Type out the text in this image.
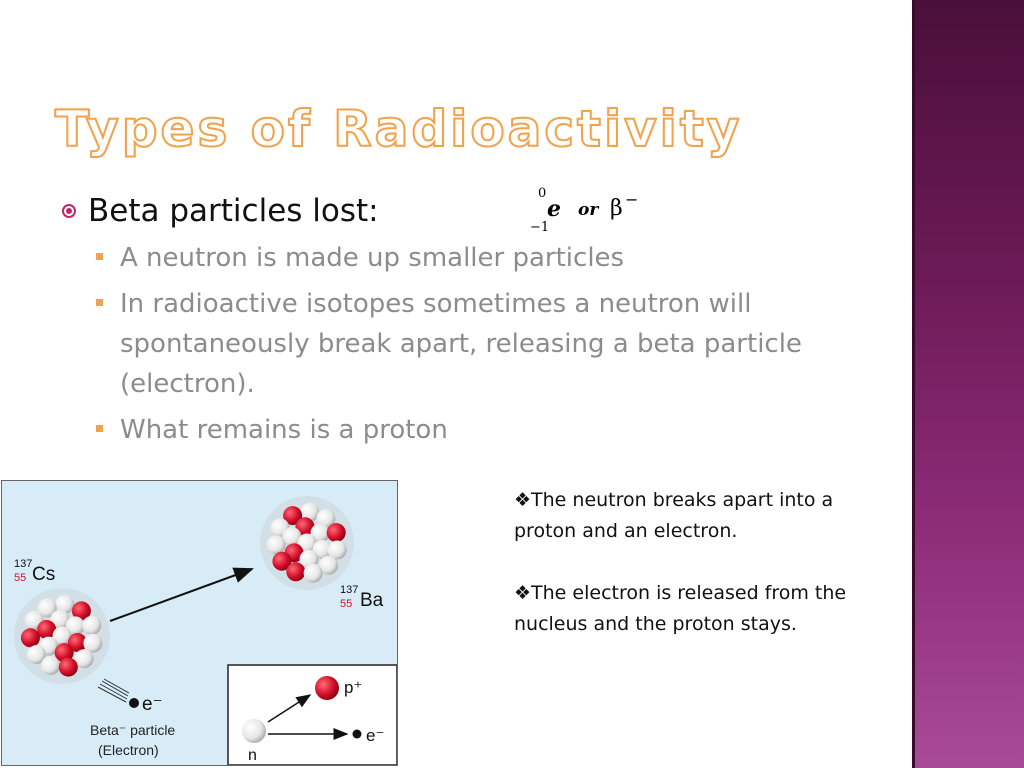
Types of Radioactivity
Beta particles lost:	0
−1
e or β −
A neutron is made up smaller particles
In radioactive isotopes sometimes a neutron will spontaneously break apart, releasing a beta particle (electron).
What remains is a proton
137
55 Cs
137
55 Ba
e⁻
Beta⁻ particle
(Electron)	n
p⁺
e⁻

❖The neutron breaks apart into a proton and an electron.

❖The electron is released from the nucleus and the proton stays.
